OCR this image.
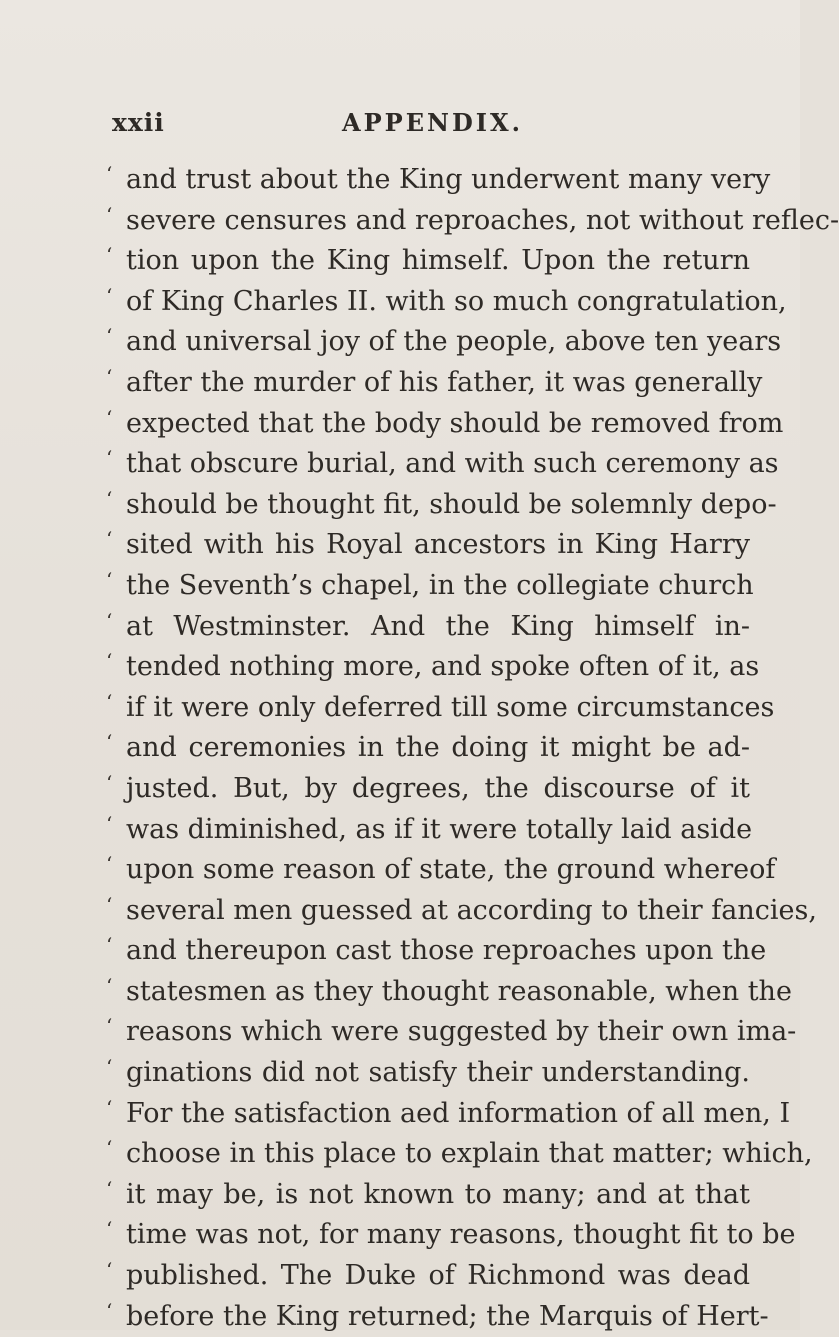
xxii	APPENDIX.
‘ and trust about the King underwent many very
‘ severe censures and reproaches, not without reflec-
‘ tion upon the King himself. Upon the return
‘ of King Charles II. with so much congratulation,
‘ and universal joy of the people, above ten years
‘ after the murder of his father, it was generally
‘ expected that the body should be removed from
‘ that obscure burial, and with such ceremony as
‘ should be thought fit, should be solemnly depo-
‘ sited with his Royal ancestors in King Harry
‘ the Seventh’s chapel, in the collegiate church
‘ at Westminster. And the King himself in-
‘ tended nothing more, and spoke often of it, as
‘ if it were only deferred till some circumstances
‘ and ceremonies in the doing it might be ad-
‘ justed. But, by degrees, the discourse of it
‘ was diminished, as if it were totally laid aside
‘ upon some reason of state, the ground whereof
‘ several men guessed at according to their fancies,
‘ and thereupon cast those reproaches upon the
‘ statesmen as they thought reasonable, when the
‘ reasons which were suggested by their own ima-
‘ ginations did not satisfy their understanding.
‘ For the satisfaction aed information of all men, I
‘ choose in this place to explain that matter; which,
‘ it may be, is not known to many; and at that
‘ time was not, for many reasons, thought fit to be
‘ published. The Duke of Richmond was dead
‘ before the King returned; the Marquis of Hert-
